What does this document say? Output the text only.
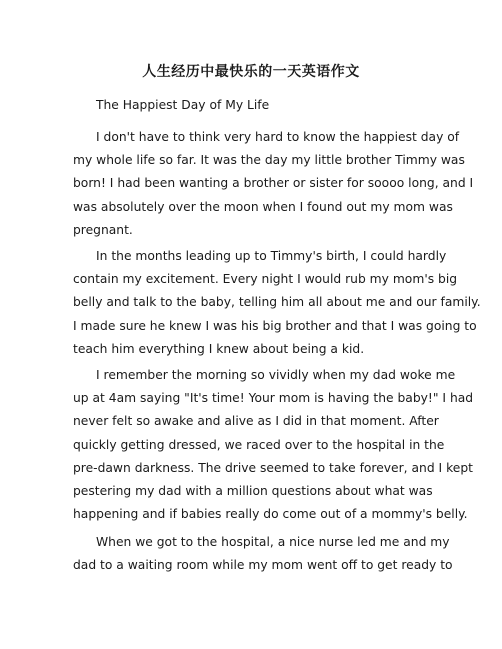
人生经历中最快乐的一天英语作文
The Happiest Day of My Life
I don't have to think very hard to know the happiest day of
my whole life so far. It was the day my little brother Timmy was
born! I had been wanting a brother or sister for soooo long, and I
was absolutely over the moon when I found out my mom was
pregnant.
In the months leading up to Timmy's birth, I could hardly
contain my excitement. Every night I would rub my mom's big
belly and talk to the baby, telling him all about me and our family.
I made sure he knew I was his big brother and that I was going to
teach him everything I knew about being a kid.
I remember the morning so vividly when my dad woke me
up at 4am saying "It's time! Your mom is having the baby!" I had
never felt so awake and alive as I did in that moment. After
quickly getting dressed, we raced over to the hospital in the
pre-dawn darkness. The drive seemed to take forever, and I kept
pestering my dad with a million questions about what was
happening and if babies really do come out of a mommy's belly.
When we got to the hospital, a nice nurse led me and my
dad to a waiting room while my mom went off to get ready to
